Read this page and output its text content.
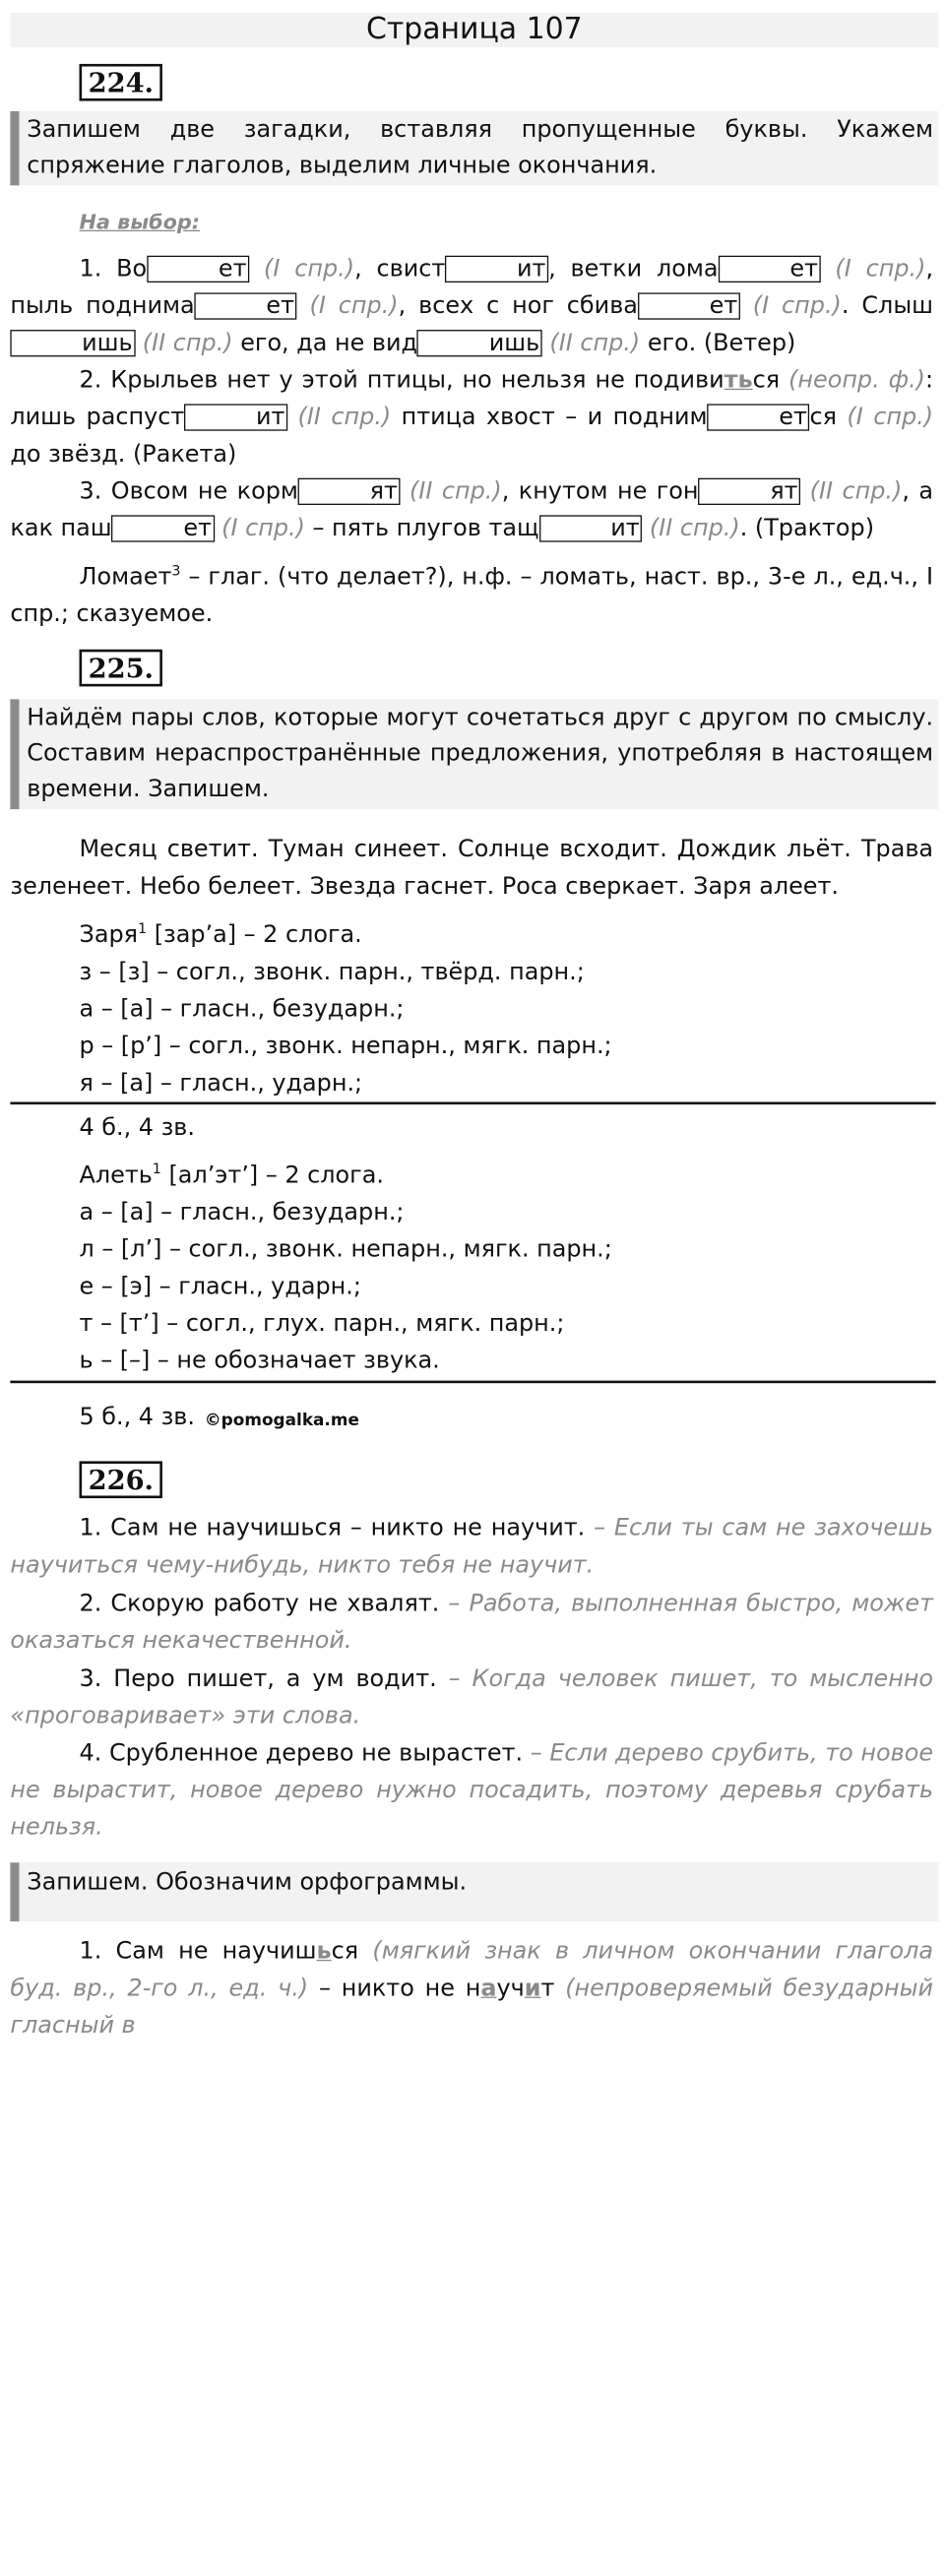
Страница 107
224.
Запишем две загадки, вставляя пропущенные буквы. Укажем спряжение глаголов, выделим личные окончания.
На выбор:

1. Во	ет (I спр.), свист	ит , ветки лома	ет (I спр.), пыль поднима	ет (I спр.), всех с ног сбива	ет (I спр.). Слышишь (II спр.) его, да не вид	ишь (II спр.) его. (Ветер)

2. Крыльев нет у этой птицы, но нельзя не подивиться (неопр. ф.): лишь распуст	ит (II спр.) птица хвост – и подним	ет ся (I спр.) до звёзд. (Ракета)

3. Овсом не корм	ят (II спр.), кнутом не гон	ят (II спр.), а как паш	ет (I спр.) – пять плугов тащ	ит (II спр.). (Трактор)

Ломает$^3$ – глаг. (что делает?), н.ф. – ломать, наст. вр., 3-е л., ед.ч., I спр.; сказуемое.

225.
Найдём пары слов, которые могут сочетаться друг с другом по смыслу. Составим нераспространённые предложения, употребляя в настоящем времени. Запишем.

Месяц светит. Туман синеет. Солнце всходит. Дождик льёт. Трава зеленеет. Небо белеет. Звезда гаснет. Роса сверкает. Заря алеет.

Заря$^1$ [зар’а] – 2 слога.

з – [з] – согл., звонк. парн., твёрд. парн.;

а – [а] – гласн., безударн.;

р – [р’] – согл., звонк. непарн., мягк. парн.;

я – [а] – гласн., ударн.;

4 б., 4 зв.

Алеть$^1$ [ал’эт’] – 2 слога.

а – [а] – гласн., безударн.;

л – [л’] – согл., звонк. непарн., мягк. парн.;

е – [э] – гласн., ударн.;

т – [т’] – согл., глух. парн., мягк. парн.;

ь – [–] – не обозначает звука.

5 б., 4 зв. ©pomogalka.me
226.

1. Сам не научишься – никто не научит. – Если ты сам не захочешь научиться чему-нибудь, никто тебя не научит.

2. Скорую работу не хвалят. – Работа, выполненная быстро, может оказаться некачественной.

3. Перо пишет, а ум водит. – Когда человек пишет, то мысленно «проговаривает» эти слова.

4. Срубленное дерево не вырастет. – Если дерево срубить, то новое не вырастит, новое дерево нужно посадить, поэтому деревья срубать нельзя.

Запишем. Обозначим орфограммы.

1. Сам не научишься (мягкий знак в личном окончании глагола буд. вр., 2-го л., ед. ч.) – никто не научит (непроверяемый безударный гласный в
